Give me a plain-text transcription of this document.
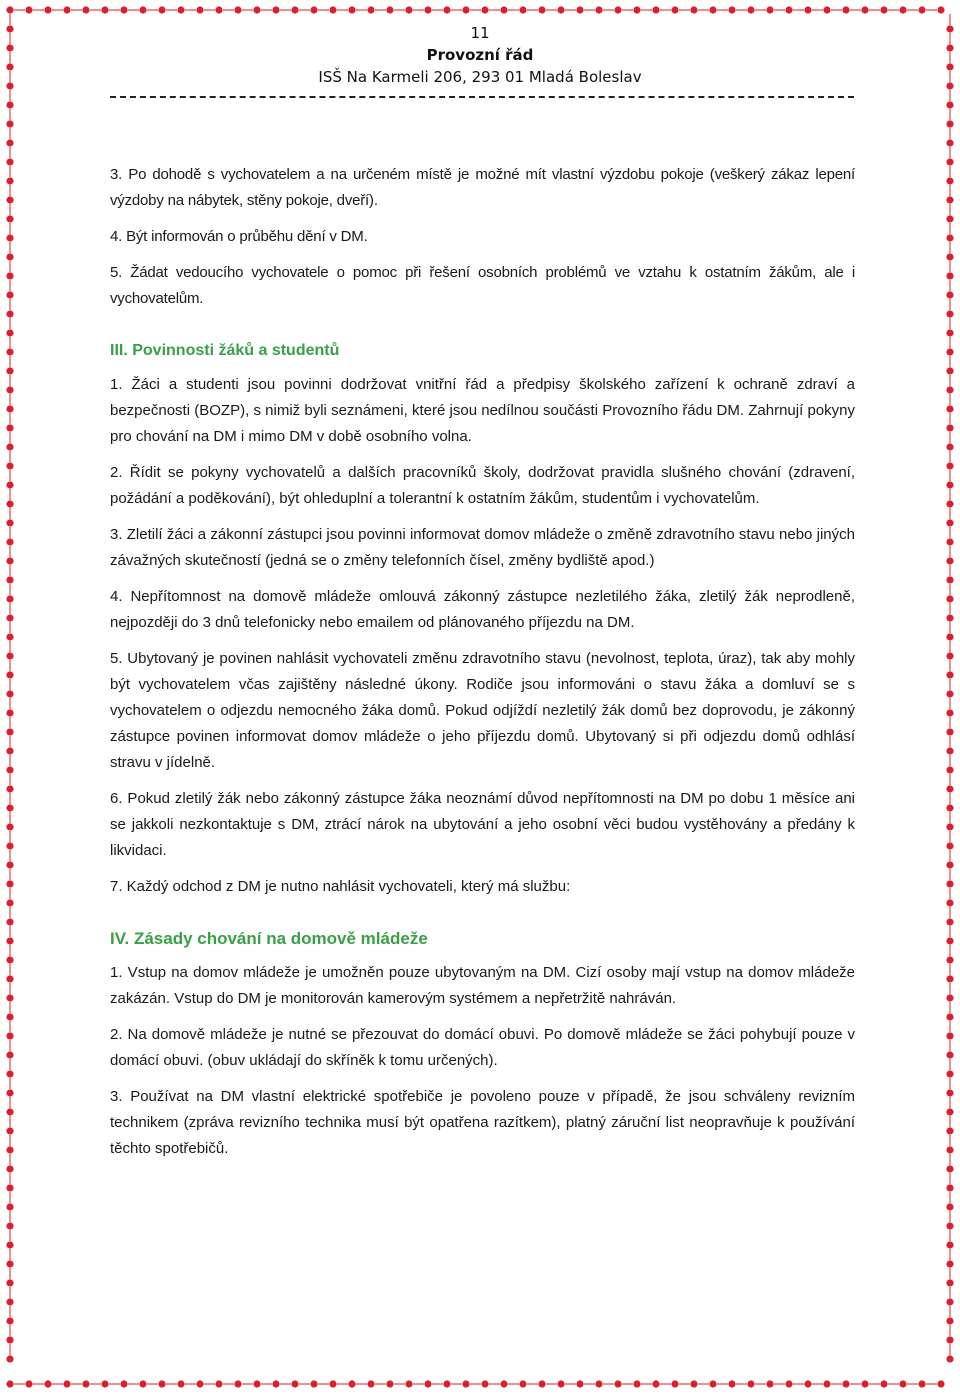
11
Provozní řád
ISŠ Na Karmeli 206, 293 01 Mladá Boleslav

3. Po dohodě s vychovatelem a na určeném místě je možné mít vlastní výzdobu pokoje (veškerý zákaz lepení výzdoby na nábytek, stěny pokoje, dveří).

4. Být informován o průběhu dění v DM.

5. Žádat vedoucího vychovatele o pomoc při řešení osobních problémů ve vztahu k ostatním žákům, ale i vychovatelům.

III. Povinnosti žáků a studentů

1. Žáci a studenti jsou povinni dodržovat vnitřní řád a předpisy školského zařízení k ochraně zdraví a bezpečnosti (BOZP), s nimiž byli seznámeni, které jsou nedílnou součásti Provozního řádu DM. Zahrnují pokyny pro chování na DM i mimo DM v době osobního volna.

2. Řídit se pokyny vychovatelů a dalších pracovníků školy, dodržovat pravidla slušného chování (zdravení, požádání a poděkování), být ohleduplní a tolerantní k ostatním žákům, studentům i vychovatelům.

3. Zletilí žáci a zákonní zástupci jsou povinni informovat domov mládeže o změně zdravotního stavu nebo jiných závažných skutečností (jedná se o změny telefonních čísel, změny bydliště apod.)

4. Nepřítomnost na domově mládeže omlouvá zákonný zástupce nezletilého žáka, zletilý žák neprodleně, nejpozději do 3 dnů telefonicky nebo emailem od plánovaného příjezdu na DM.

5. Ubytovaný je povinen nahlásit vychovateli změnu zdravotního stavu (nevolnost, teplota, úraz), tak aby mohly být vychovatelem včas zajištěny následné úkony. Rodiče jsou informováni o stavu žáka a domluví se s vychovatelem o odjezdu nemocného žáka domů. Pokud odjíždí nezletilý žák domů bez doprovodu, je zákonný zástupce povinen informovat domov mládeže o jeho příjezdu domů. Ubytovaný si při odjezdu domů odhlásí stravu v jídelně.

6. Pokud zletilý žák nebo zákonný zástupce žáka neoznámí důvod nepřítomnosti na DM po dobu 1 měsíce ani se jakkoli nezkontaktuje s DM, ztrácí nárok na ubytování a jeho osobní věci budou vystěhovány a předány k likvidaci.

7. Každý odchod z DM je nutno nahlásit vychovateli, který má službu:

IV. Zásady chování na domově mládeže

1. Vstup na domov mládeže je umožněn pouze ubytovaným na DM. Cizí osoby mají vstup na domov mládeže zakázán. Vstup do DM je monitorován kamerovým systémem a nepřetržitě nahráván.

2. Na domově mládeže je nutné se přezouvat do domácí obuvi. Po domově mládeže se žáci pohybují pouze v domácí obuvi. (obuv ukládají do skříněk k tomu určených).

3. Používat na DM vlastní elektrické spotřebiče je povoleno pouze v případě, že jsou schváleny revizním technikem (zpráva revizního technika musí být opatřena razítkem), platný záruční list neopravňuje k používání těchto spotřebičů.
